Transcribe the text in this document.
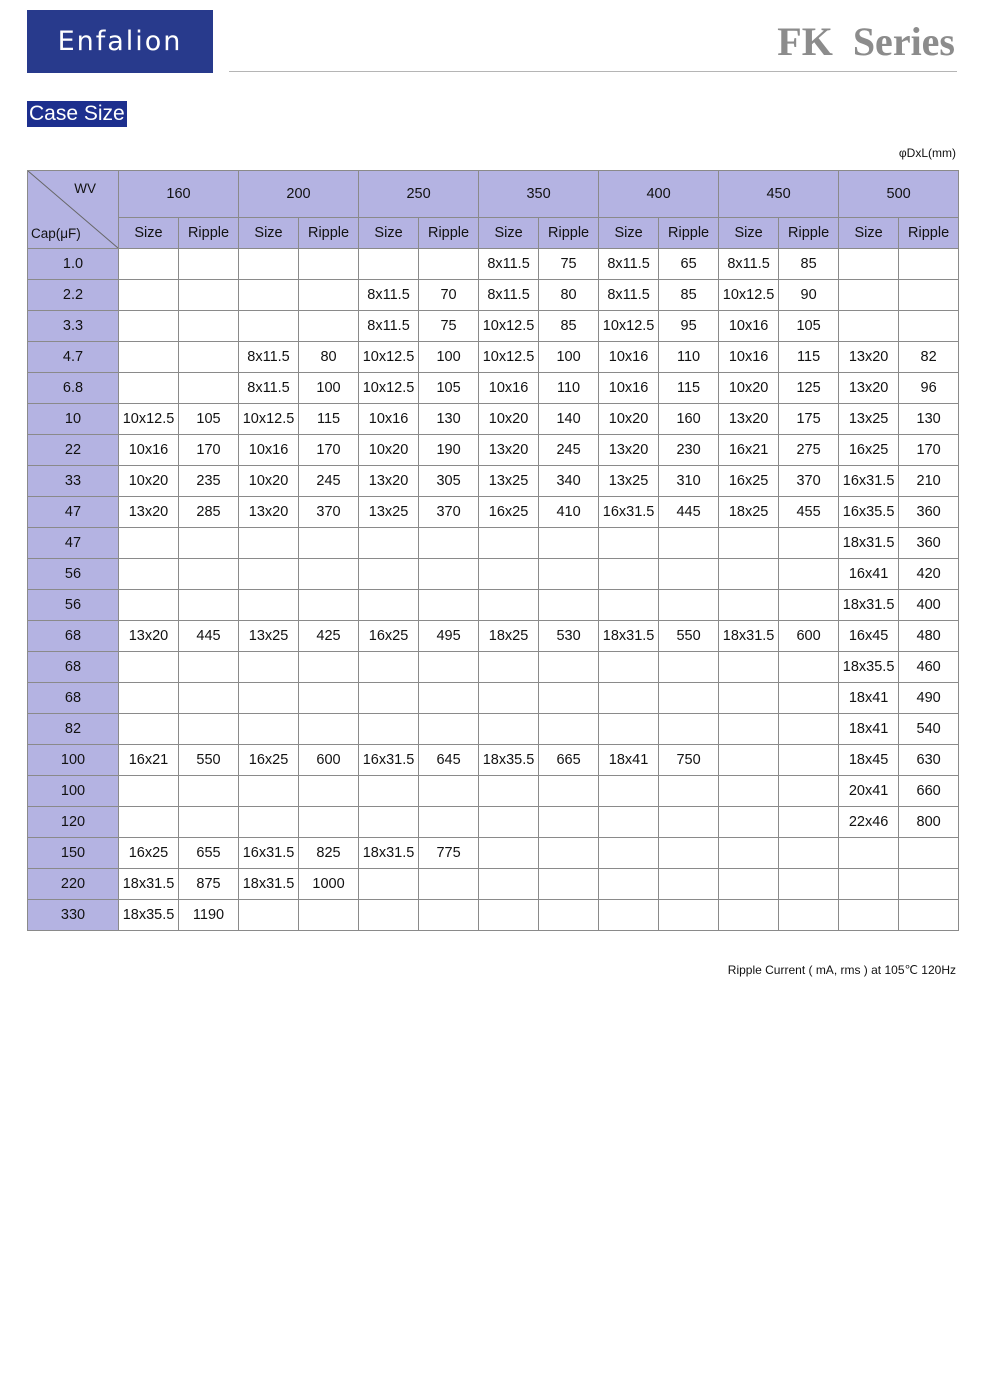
Enfalion	FK Series
Case Size
φDxL(mm)
WV
Cap(μF)	160		200		250		350		400		450		500	
	Size	Ripple	Size	Ripple	Size	Ripple	Size	Ripple	Size	Ripple	Size	Ripple	Size	Ripple
1.0							8x11.5	75	8x11.5	65	8x11.5	85		
2.2					8x11.5	70	8x11.5	80	8x11.5	85	10x12.5	90		
3.3					8x11.5	75	10x12.5	85	10x12.5	95	10x16	105		
4.7			8x11.5	80	10x12.5	100	10x12.5	100	10x16	110	10x16	115	13x20	82
6.8			8x11.5	100	10x12.5	105	10x16	110	10x16	115	10x20	125	13x20	96
10	10x12.5	105	10x12.5	115	10x16	130	10x20	140	10x20	160	13x20	175	13x25	130
22	10x16	170	10x16	170	10x20	190	13x20	245	13x20	230	16x21	275	16x25	170
33	10x20	235	10x20	245	13x20	305	13x25	340	13x25	310	16x25	370	16x31.5	210
47	13x20	285	13x20	370	13x25	370	16x25	410	16x31.5	445	18x25	455	16x35.5	360
47													18x31.5	360
56													16x41	420
56													18x31.5	400
68	13x20	445	13x25	425	16x25	495	18x25	530	18x31.5	550	18x31.5	600	16x45	480
68													18x35.5	460
68													18x41	490
82													18x41	540
100	16x21	550	16x25	600	16x31.5	645	18x35.5	665	18x41	750			18x45	630
100													20x41	660
120													22x46	800
150	16x25	655	16x31.5	825	18x31.5	775								
220	18x31.5	875	18x31.5	1000										
330	18x35.5	1190												
Ripple Current ( mA, rms ) at 105℃ 120Hz
